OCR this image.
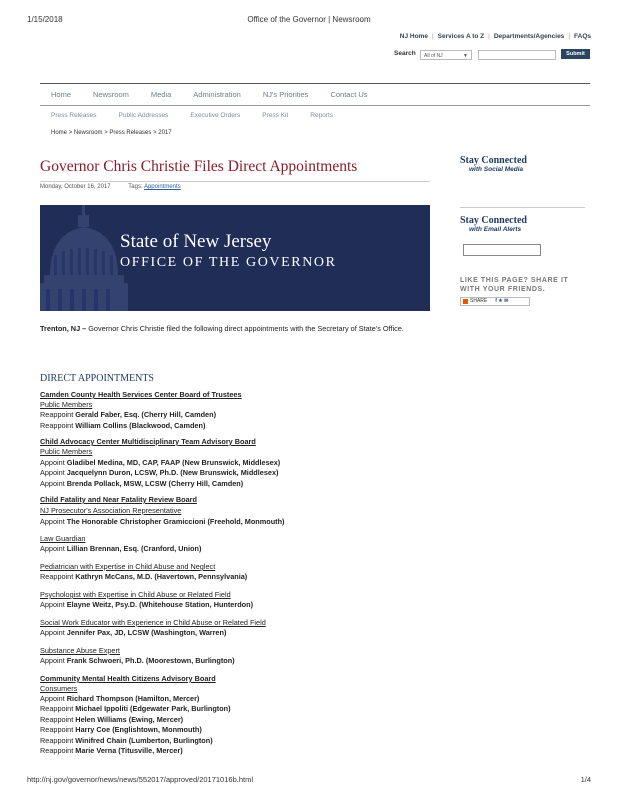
1/15/2018	Office of the Governor | Newsroom
NJ Home | Services A to Z | Departments/Agencies | FAQs
Search	All of NJ	▼	Submit
Home	Newsroom	Media	Administration	NJ's Priorities	Contact Us
Press Releases	Public Addresses	Executive Orders	Press Kit	Reports
Home > Newsroom > Press Releases > 2017
Governor Chris Christie Files Direct Appointments
Monday, October 16, 2017	Tags: Appointments
State of New Jersey
OFFICE OF THE GOVERNOR
Stay Connected
with Social Media
Stay Connected
with Email Alerts
LIKE THIS PAGE? SHARE IT WITH YOUR FRIENDS.
SHARE f ★ ✉
Trenton, NJ – Governor Chris Christie filed the following direct appointments with the Secretary of State's Office.
DIRECT APPOINTMENTS
Camden County Health Services Center Board of Trustees
Public Members
Reappoint Gerald Faber, Esq. (Cherry Hill, Camden)
Reappoint William Collins (Blackwood, Camden)
Child Advocacy Center Multidisciplinary Team Advisory Board
Public Members
Appoint Gladibel Medina, MD, CAP, FAAP (New Brunswick, Middlesex)
Appoint Jacquelynn Duron, LCSW, Ph.D. (New Brunswick, Middlesex)
Appoint Brenda Pollack, MSW, LCSW (Cherry Hill, Camden)
Child Fatality and Near Fatality Review Board
NJ Prosecutor's Association Representative
Appoint The Honorable Christopher Gramiccioni (Freehold, Monmouth)
Law Guardian
Appoint Lillian Brennan, Esq. (Cranford, Union)
Pediatrician with Expertise in Child Abuse and Neglect
Reappoint Kathryn McCans, M.D. (Havertown, Pennsylvania)
Psychologist with Expertise in Child Abuse or Related Field
Appoint Elayne Weitz, Psy.D. (Whitehouse Station, Hunterdon)
Social Work Educator with Experience in Child Abuse or Related Field
Appoint Jennifer Pax, JD, LCSW (Washington, Warren)
Substance Abuse Expert
Appoint Frank Schwoeri, Ph.D. (Moorestown, Burlington)
Community Mental Health Citizens Advisory Board
Consumers
Appoint Richard Thompson (Hamilton, Mercer)
Reappoint Michael Ippoliti (Edgewater Park, Burlington)
Reappoint Helen Williams (Ewing, Mercer)
Reappoint Harry Coe (Englishtown, Monmouth)
Reappoint Winifred Chain (Lumberton, Burlington)
Reappoint Marie Verna (Titusville, Mercer)
http://nj.gov/governor/news/news/552017/approved/20171016b.html	1/4
